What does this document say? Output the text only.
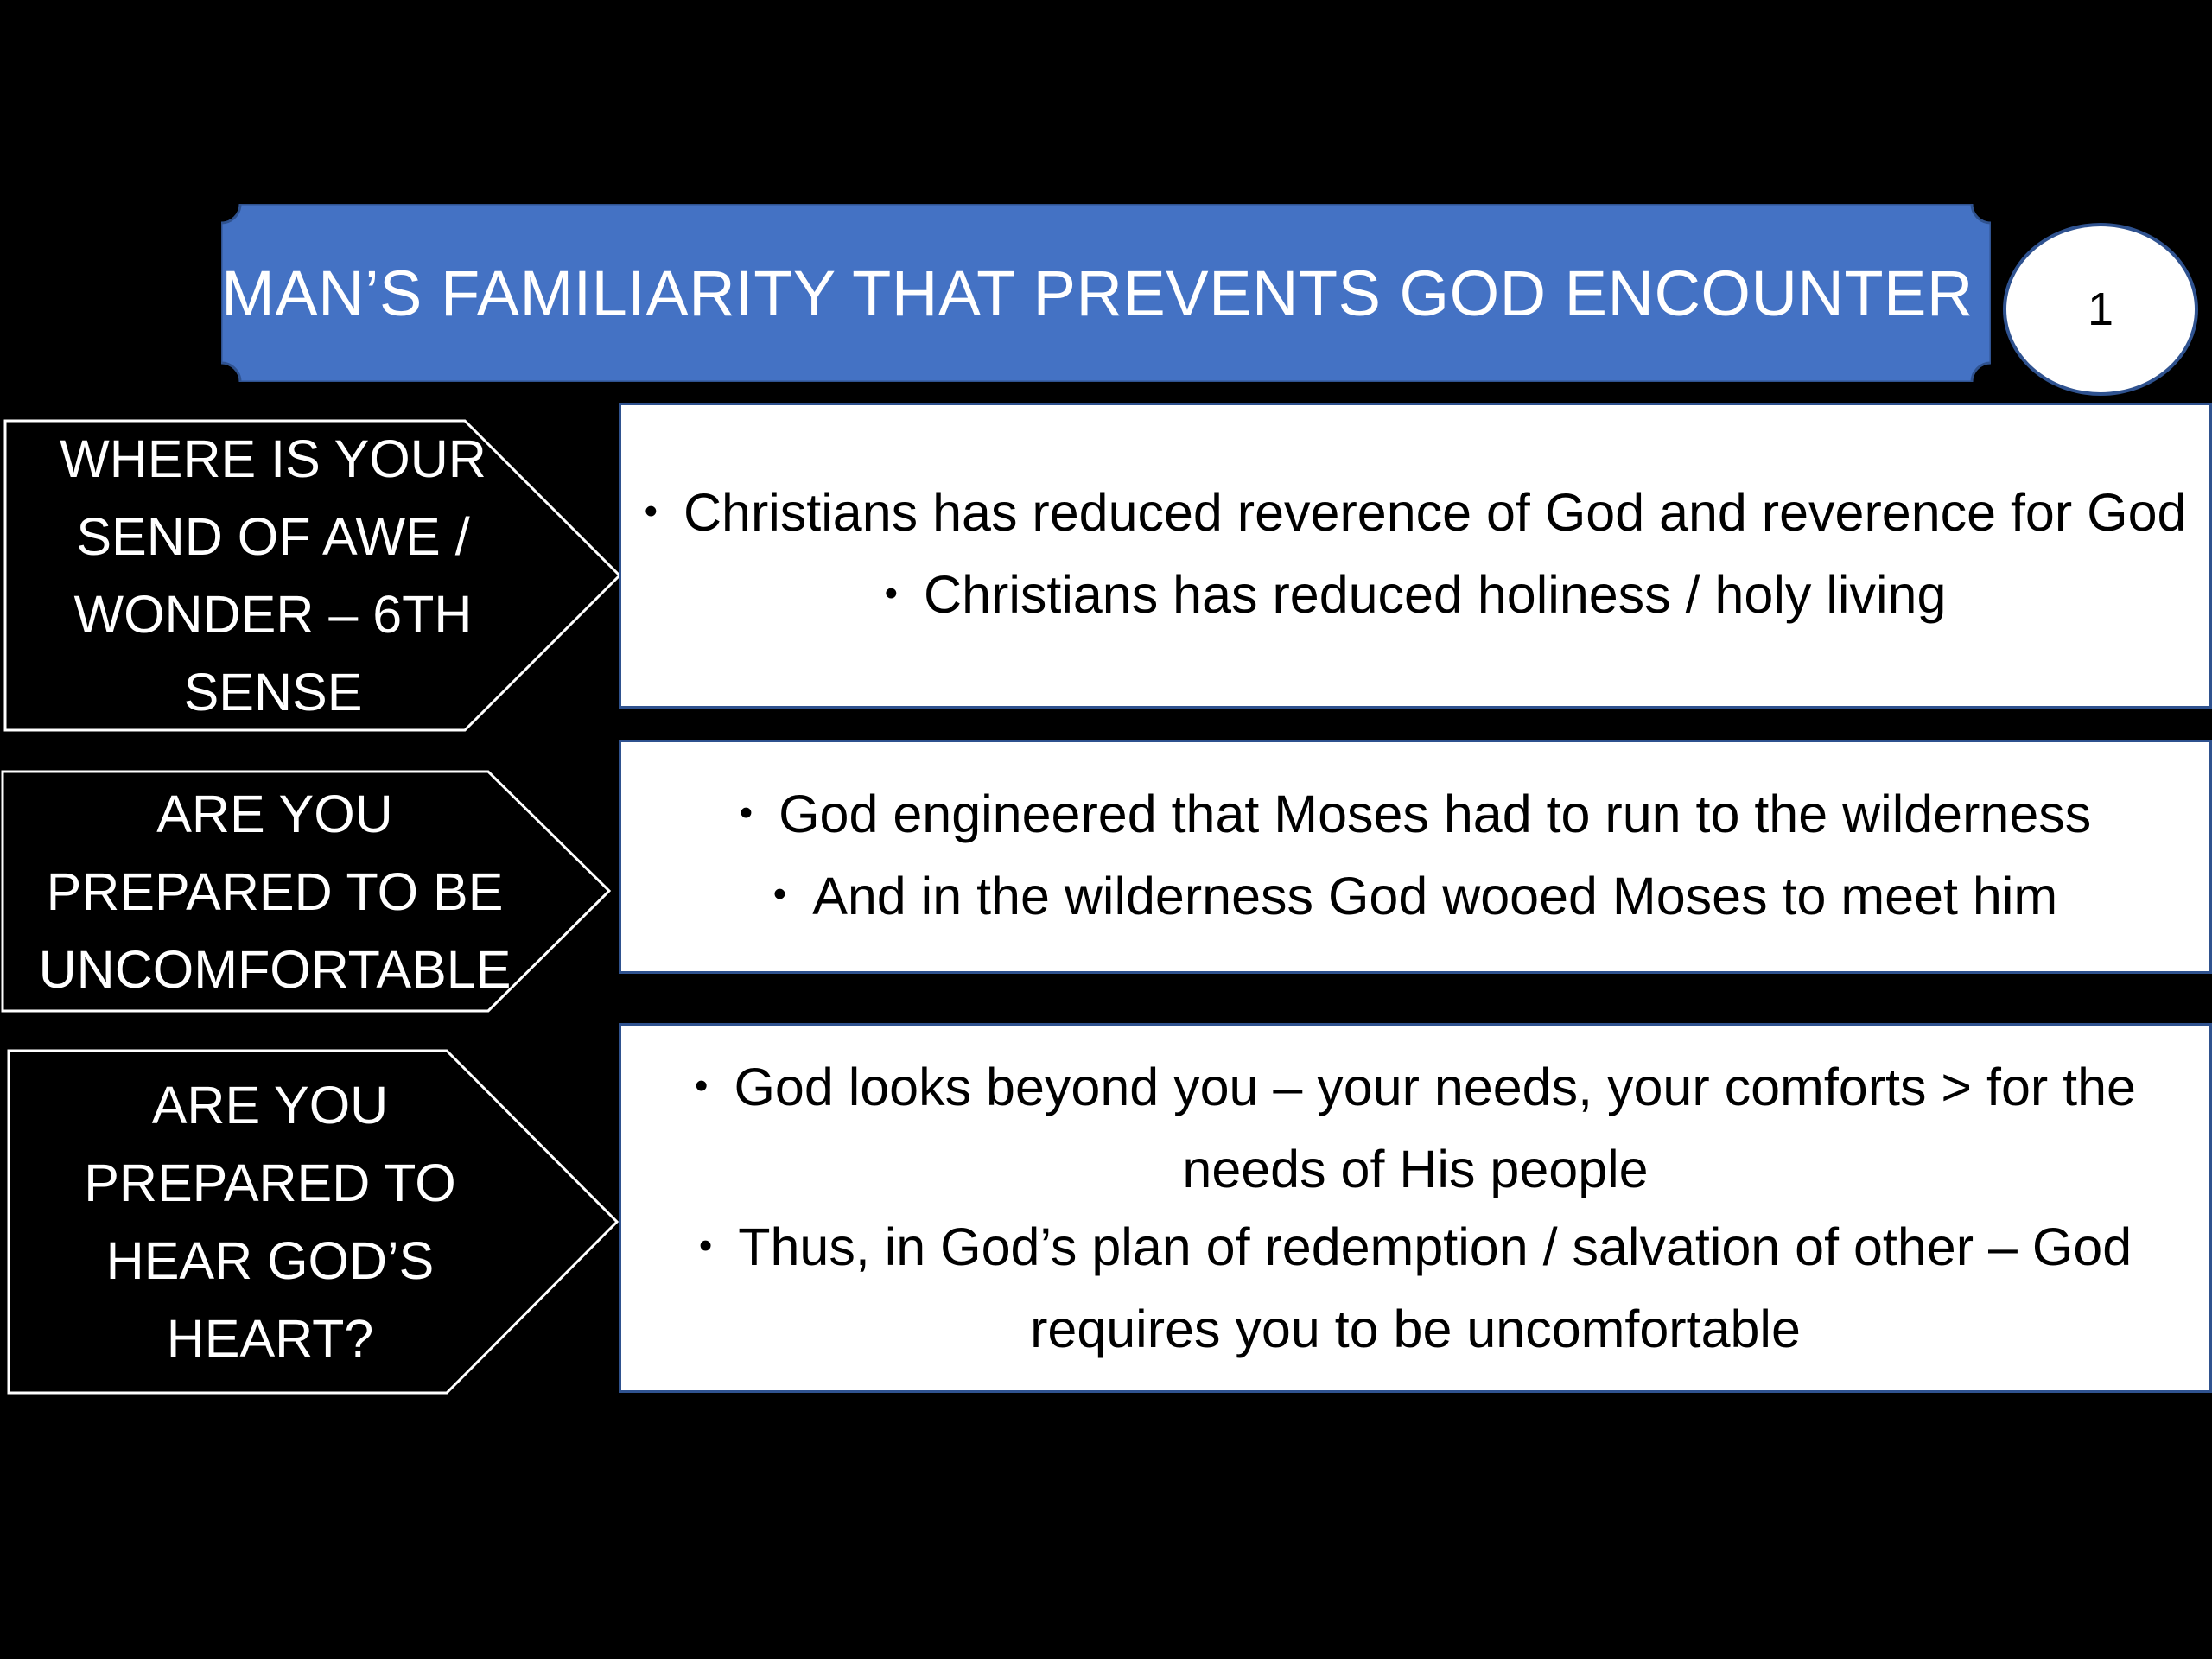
MAN’S FAMILIARITY THAT PREVENTS GOD ENCOUNTER	1
WHERE IS YOUR
SEND OF AWE /
WONDER – 6TH
SENSE
• Christians has reduced reverence of God and reverence for God
• Christians has reduced holiness / holy living
ARE YOU
PREPARED TO BE
UNCOMFORTABLE
• God engineered that Moses had to run to the wilderness
• And in the wilderness God wooed Moses to meet him
ARE YOU
PREPARED TO
HEAR GOD’S
HEART?
• God looks beyond you – your needs, your comforts > for the needs of His people
• Thus, in God’s plan of redemption / salvation of other – God requires you to be uncomfortable
